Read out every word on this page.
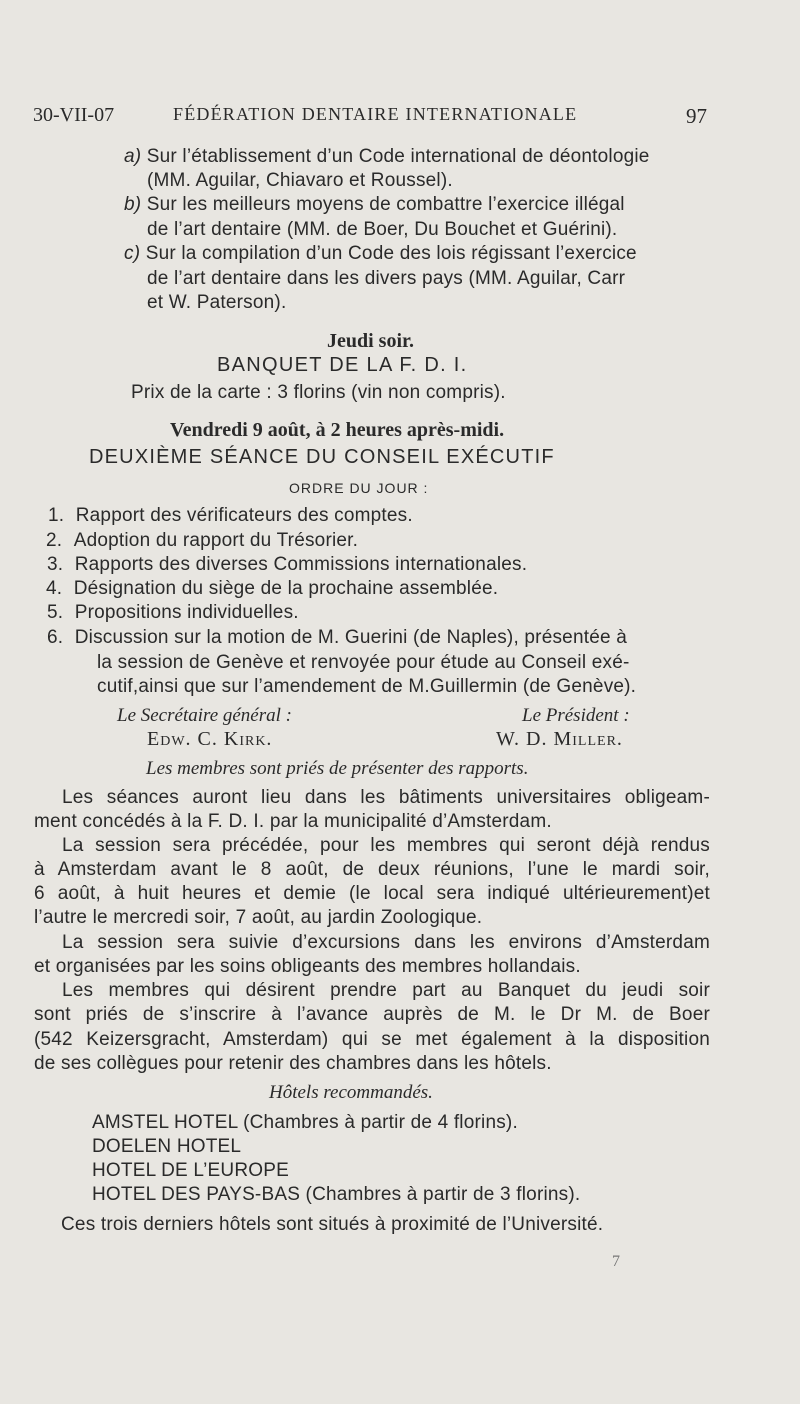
30-VII-07	FÉDÉRATION DENTAIRE INTERNATIONALE	97
a) Sur l’établissement d’un Code international de déontologie
(MM. Aguilar, Chiavaro et Roussel).
b) Sur les meilleurs moyens de combattre l’exercice illégal
de l’art dentaire (MM. de Boer, Du Bouchet et Guérini).
c) Sur la compilation d’un Code des lois régissant l’exercice
de l’art dentaire dans les divers pays (MM. Aguilar, Carr
et W. Paterson).
Jeudi soir.
BANQUET DE LA F. D. I.
Prix de la carte : 3 florins (vin non compris).
Vendredi 9 août, à 2 heures après-midi.
DEUXIÈME SÉANCE DU CONSEIL EXÉCUTIF
ORDRE DU JOUR :
1. Rapport des vérificateurs des comptes.
2. Adoption du rapport du Trésorier.
3. Rapports des diverses Commissions internationales.
4. Désignation du siège de la prochaine assemblée.
5. Propositions individuelles.
6. Discussion sur la motion de M. Guerini (de Naples), présentée à
la session de Genève et renvoyée pour étude au Conseil exé-
cutif,ainsi que sur l’amendement de M.Guillermin (de Genève).
Le Secrétaire général :
Edw. C. Kirk.
Le Président :
W. D. Miller.
Les membres sont priés de présenter des rapports.
Les séances auront lieu dans les bâtiments universitaires obligeam-
ment concédés à la F. D. I. par la municipalité d’Amsterdam.
La session sera précédée, pour les membres qui seront déjà rendus
à Amsterdam avant le 8 août, de deux réunions, l’une le mardi soir,
6 août, à huit heures et demie (le local sera indiqué ultérieurement)et
l’autre le mercredi soir, 7 août, au jardin Zoologique.
La session sera suivie d’excursions dans les environs d’Amsterdam
et organisées par les soins obligeants des membres hollandais.
Les membres qui désirent prendre part au Banquet du jeudi soir
sont priés de s’inscrire à l’avance auprès de M. le Dr M. de Boer
(542 Keizersgracht, Amsterdam) qui se met également à la disposition
de ses collègues pour retenir des chambres dans les hôtels.
Hôtels recommandés.
AMSTEL HOTEL (Chambres à partir de 4 florins).
DOELEN HOTEL
HOTEL DE L’EUROPE
HOTEL DES PAYS-BAS (Chambres à partir de 3 florins).
Ces trois derniers hôtels sont situés à proximité de l’Université.
7
